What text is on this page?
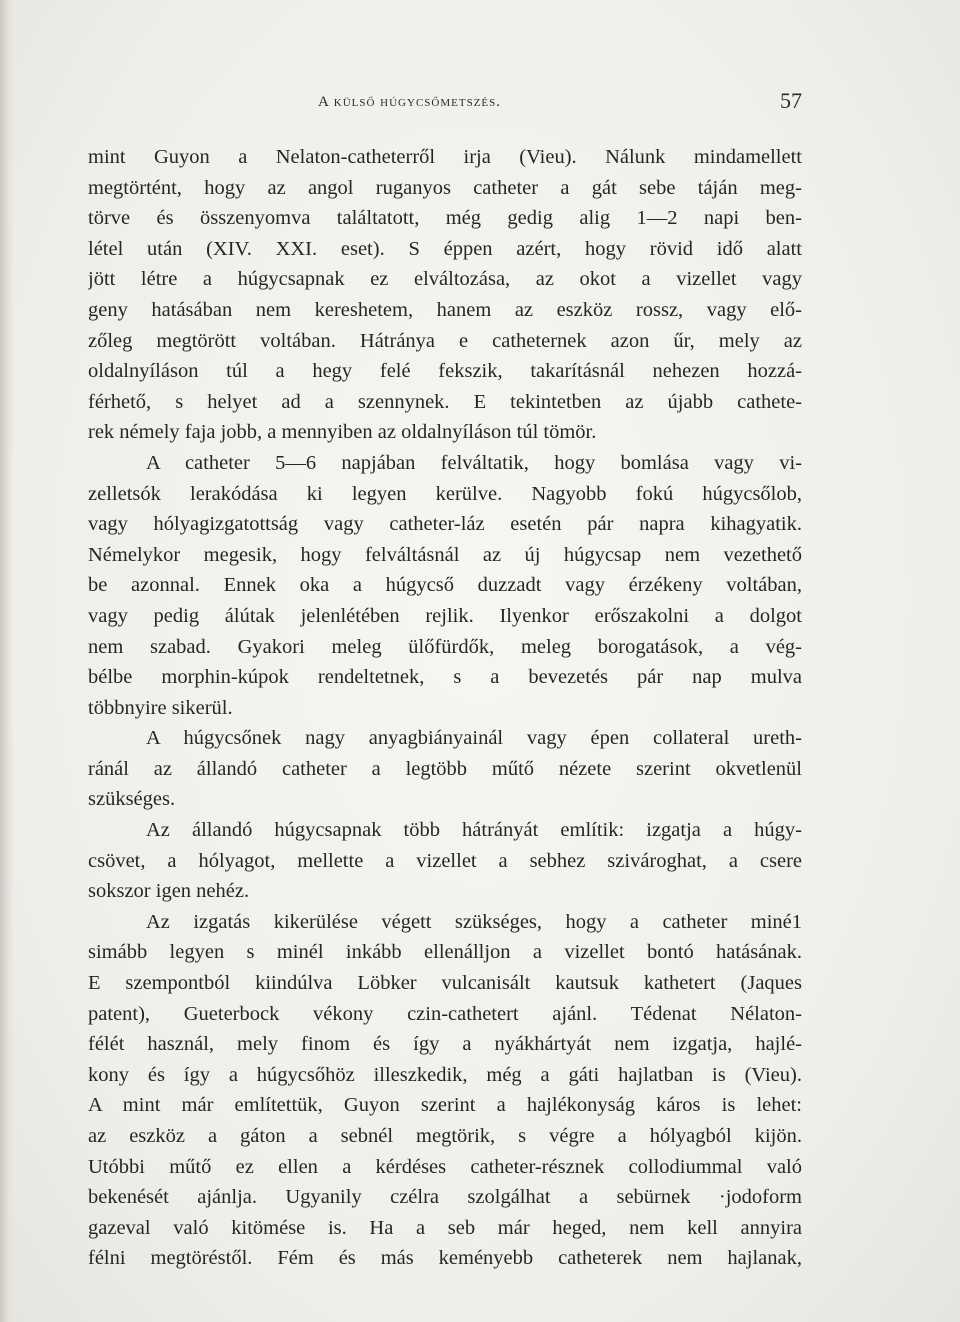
A külső húgycsőmetszés.	57
mint Guyon a Nelaton-catheterről irja (Vieu). Nálunk mindamellett
megtörtént, hogy az angol ruganyos catheter a gát sebe táján meg-
törve és összenyomva találtatott, még gedig alig 1—2 napi ben-
létel után (XIV. XXI. eset). S éppen azért, hogy rövid idő alatt
jött létre a húgycsapnak ez elváltozása, az okot a vizellet vagy
geny hatásában nem kereshetem, hanem az eszköz rossz, vagy elő-
zőleg megtörött voltában. Hátránya e catheternek azon űr, mely az
oldalnyíláson túl a hegy felé fekszik, takarításnál nehezen hozzá-
férhető, s helyet ad a szennynek. E tekintetben az újabb cathete-
rek némely faja jobb, a mennyiben az oldalnyíláson túl tömör.
A catheter 5—6 napjában felváltatik, hogy bomlása vagy vi-
zelletsók lerakódása ki legyen kerülve. Nagyobb fokú húgycsőlob,
vagy hólyagizgatottság vagy catheter-láz esetén pár napra kihagyatik.
Némelykor megesik, hogy felváltásnál az új húgycsap nem vezethető
be azonnal. Ennek oka a húgycső duzzadt vagy érzékeny voltában,
vagy pedig álútak jelenlétében rejlik. Ilyenkor erőszakolni a dolgot
nem szabad. Gyakori meleg ülőfürdők, meleg borogatások, a vég-
bélbe morphin-kúpok rendeltetnek, s a bevezetés pár nap mulva
többnyire sikerül.
A húgycsőnek nagy anyagbiányainál vagy épen collateral ureth-
ránál az állandó catheter a legtöbb műtő nézete szerint okvetlenül
szükséges.
Az állandó húgycsapnak több hátrányát említik: izgatja a húgy-
csövet, a hólyagot, mellette a vizellet a sebhez szivároghat, a csere
sokszor igen nehéz.
Az izgatás kikerülése végett szükséges, hogy a catheter miné1
simább legyen s minél inkább ellenálljon a vizellet bontó hatásának.
E szempontból kiindúlva Löbker vulcanisált kautsuk kathetert (Jaques
patent), Gueterbock vékony czin-cathetert ajánl. Tédenat Nélaton-
félét használ, mely finom és így a nyákhártyát nem izgatja, hajlé-
kony és így a húgycsőhöz illeszkedik, még a gáti hajlatban is (Vieu).
A mint már említettük, Guyon szerint a hajlékonyság káros is lehet:
az eszköz a gáton a sebnél megtörik, s végre a hólyagból kijön.
Utóbbi műtő ez ellen a kérdéses catheter-résznek collodiummal való
bekenését ajánlja. Ugyanily czélra szolgálhat a sebürnek ·jodoform
gazeval való kitömése is. Ha a seb már heged, nem kell annyira
félni megtöréstől. Fém és más keményebb catheterek nem hajlanak,
